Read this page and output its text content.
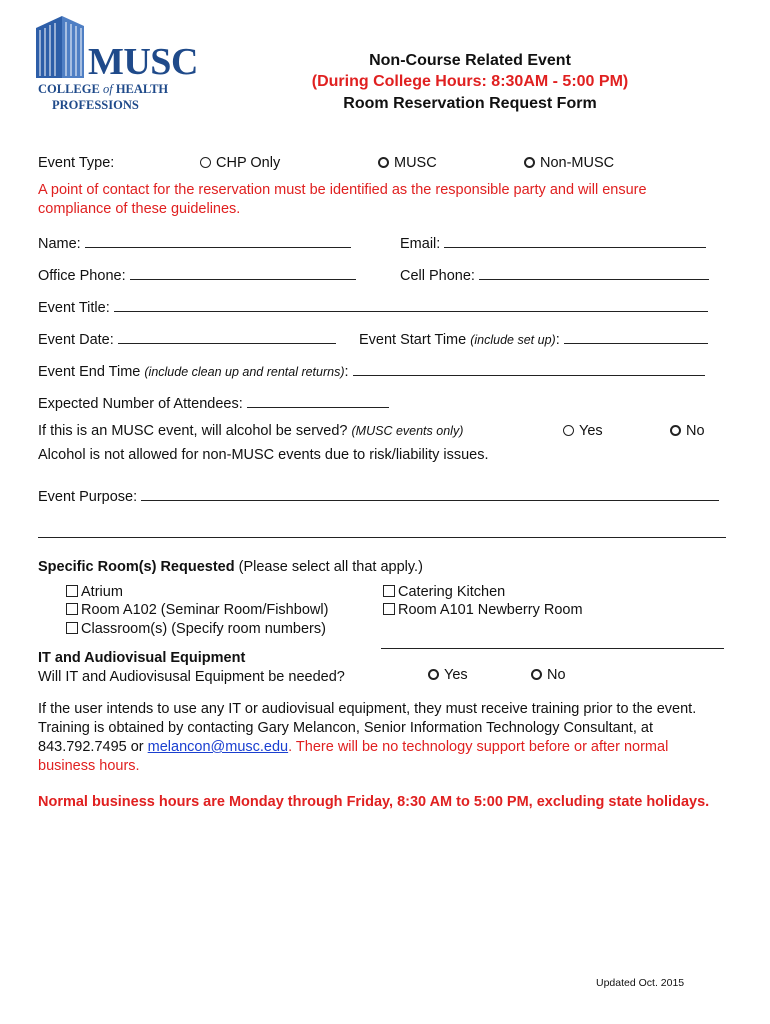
MUSC
COLLEGE of HEALTH
PROFESSIONS
Non-Course Related Event
(During College Hours: 8:30AM - 5:00 PM)
Room Reservation Request Form
Event Type:	CHP Only	MUSC	Non-MUSC
A point of contact for the reservation must be identified as the responsible party and will ensure
compliance of these guidelines.
Name:	Email:
Office Phone:	Cell Phone:
Event Title:
Event Date:	Event Start Time (include set up):
Event End Time (include clean up and rental returns):
Expected Number of Attendees:
If this is an MUSC event, will alcohol be served? (MUSC events only)	Yes	No
Alcohol is not allowed for non-MUSC events due to risk/liability issues.
Event Purpose:
Specific Room(s) Requested (Please select all that apply.)
Atrium
Room A102 (Seminar Room/Fishbowl)
Classroom(s) (Specify room numbers)
Catering Kitchen
Room A101 Newberry Room
IT and Audiovisual Equipment
Will IT and Audiovisusal Equipment be needed?	Yes	No
If the user intends to use any IT or audiovisual equipment, they must receive training prior to the event.
Training is obtained by contacting Gary Melancon, Senior Information Technology Consultant, at
843.792.7495 or melancon@musc.edu. There will be no technology support before or after normal
business hours.
Normal business hours are Monday through Friday, 8:30 AM to 5:00 PM, excluding state holidays.
Updated Oct. 2015
